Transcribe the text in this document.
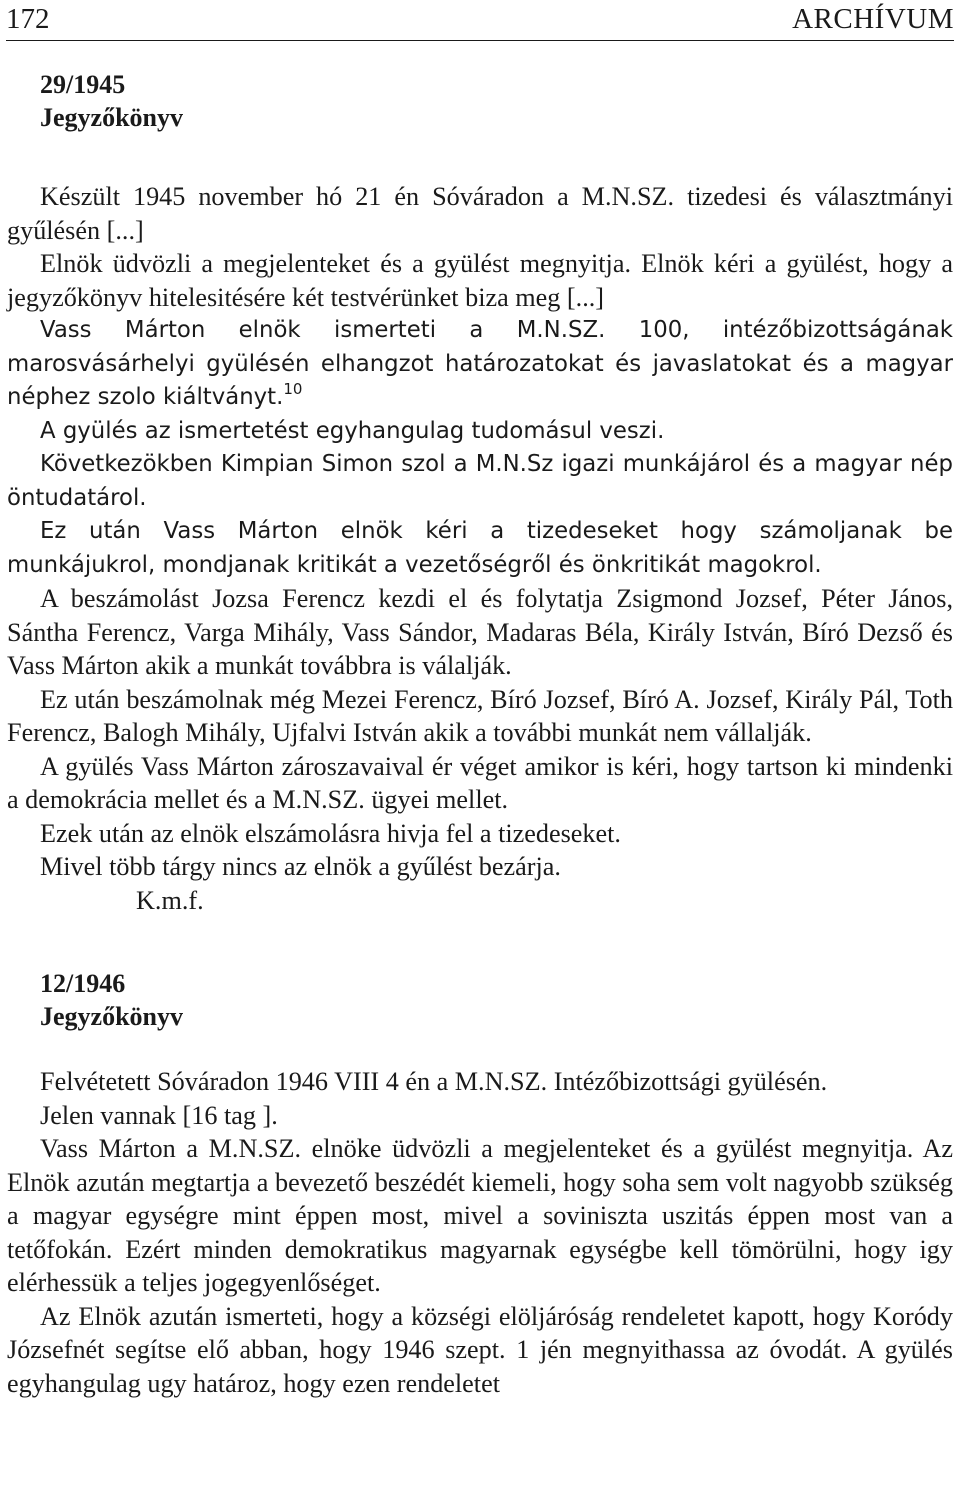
172	ARCHÍVUM
29/1945
Jegyzőkönyv

Készült 1945 november hó 21 én Sóváradon a M.N.SZ. tizedesi és választmányi gyűlésén [...]

Elnök üdvözli a megjelenteket és a gyülést megnyitja. Elnök kéri a gyülést, hogy a jegyzőkönyv hitelesitésére két testvérünket biza meg [...]

Vass Márton elnök ismerteti a M.N.SZ. 100, intézőbizottságának marosvásárhelyi gyülésén elhangzot határozatokat és javaslatokat és a magyar néphez szolo kiáltványt.$^{10}$

A gyülés az ismertetést egyhangulag tudomásul veszi.

Következökben Kimpian Simon szol a M.N.Sz igazi munkájárol és a magyar nép öntudatárol.

Ez után Vass Márton elnök kéri a tizedeseket hogy számoljanak be munkájukrol, mondjanak kritikát a vezetőségről és önkritikát magokrol.

A beszámolást Jozsa Ferencz kezdi el és folytatja Zsigmond Jozsef, Péter János, Sántha Ferencz, Varga Mihály, Vass Sándor, Madaras Béla, Király István, Bíró Dezső és Vass Márton akik a munkát továbbra is válalják.

Ez után beszámolnak még Mezei Ferencz, Bíró Jozsef, Bíró A. Jozsef, Király Pál, Toth Ferencz, Balogh Mihály, Ujfalvi István akik a további munkát nem vállalják.

A gyülés Vass Márton zároszavaival ér véget amikor is kéri, hogy tartson ki mindenki a demokrácia mellet és a M.N.SZ. ügyei mellet.

Ezek után az elnök elszámolásra hivja fel a tizedeseket.

Mivel több tárgy nincs az elnök a gyűlést bezárja.

K.m.f.

12/1946
Jegyzőkönyv

Felvétetett Sóváradon 1946 VIII 4 én a M.N.SZ. Intézőbizottsági gyülésén.

Jelen vannak [16 tag ].

Vass Márton a M.N.SZ. elnöke üdvözli a megjelenteket és a gyülést megnyitja. Az Elnök azután megtartja a bevezető beszédét kiemeli, hogy soha sem volt nagyobb szükség a magyar egységre mint éppen most, mivel a soviniszta uszitás éppen most van a tetőfokán. Ezért minden demokratikus magyarnak egységbe kell tömörülni, hogy igy elérhessük a teljes jogegyenlőséget.

Az Elnök azután ismerteti, hogy a községi elöljáróság rendeletet kapott, hogy Koródy Józsefnét segítse elő abban, hogy 1946 szept. 1 jén megnyithassa az óvodát. A gyülés egyhangulag ugy határoz, hogy ezen rendeletet
